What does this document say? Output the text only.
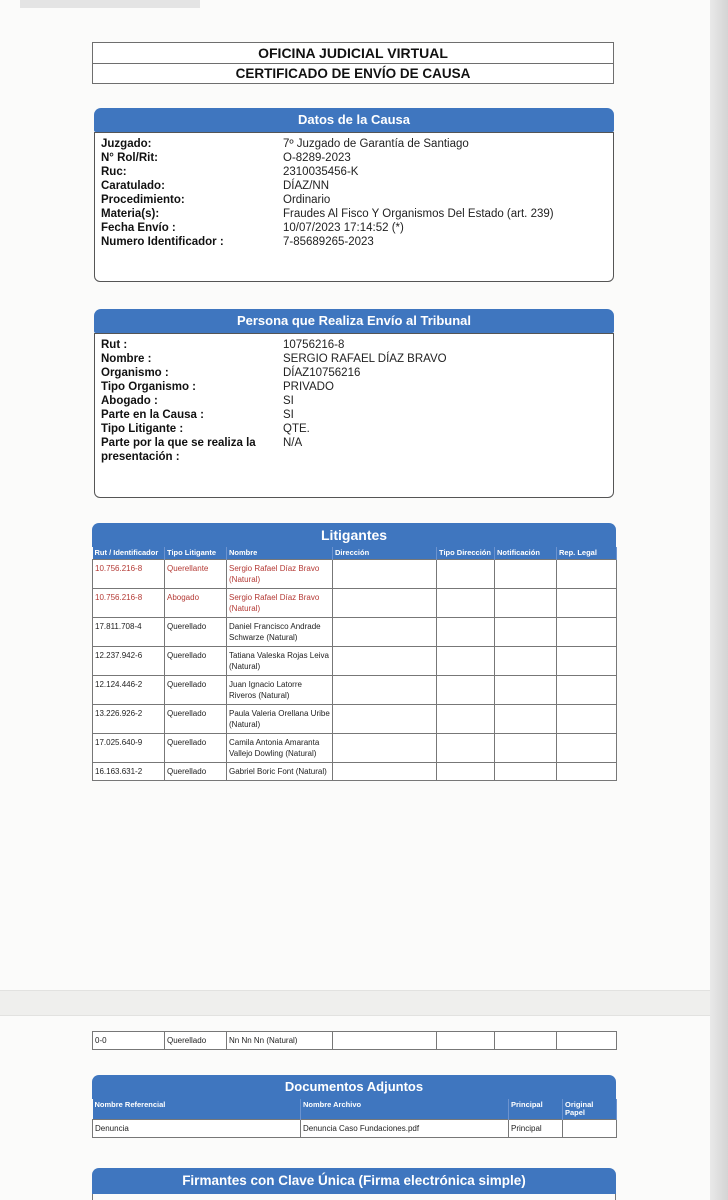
OFICINA JUDICIAL VIRTUAL
CERTIFICADO DE ENVÍO DE CAUSA
Datos de la Causa
Juzgado:	7º Juzgado de Garantía de Santiago
N° Rol/Rit:	O-8289-2023
Ruc:	2310035456-K
Caratulado:	DÍAZ/NN
Procedimiento:	Ordinario
Materia(s):	Fraudes Al Fisco Y Organismos Del Estado (art. 239)
Fecha Envío :	10/07/2023 17:14:52 (*)
Numero Identificador :	7-85689265-2023
Persona que Realiza Envío al Tribunal
Rut :	10756216-8
Nombre :	SERGIO RAFAEL DÍAZ BRAVO
Organismo :	DÍAZ10756216
Tipo Organismo :	PRIVADO
Abogado :	SI
Parte en la Causa :	SI
Tipo Litigante :	QTE.
Parte por la que se realiza la presentación :
N/A
Litigantes
Rut / Identificador	Tipo Litigante	Nombre	Dirección	Tipo Dirección	Notificación	Rep. Legal
10.756.216-8	Querellante	Sergio Rafael Díaz Bravo (Natural)				
10.756.216-8	Abogado	Sergio Rafael Díaz Bravo (Natural)				
17.811.708-4	Querellado	Daniel Francisco Andrade Schwarze (Natural)				
12.237.942-6	Querellado	Tatiana Valeska Rojas Leiva (Natural)				
12.124.446-2	Querellado	Juan Ignacio Latorre Riveros (Natural)				
13.226.926-2	Querellado	Paula Valeria Orellana Uribe (Natural)				
17.025.640-9	Querellado	Camila Antonia Amaranta Vallejo Dowling (Natural)				
16.163.631-2	Querellado	Gabriel Boric Font (Natural)				
0-0	Querellado	Nn Nn Nn (Natural)				
Documentos Adjuntos
Nombre Referencial	Nombre Archivo	Principal	Original Papel
Denuncia	Denuncia Caso Fundaciones.pdf	Principal	
Firmantes con Clave Única (Firma electrónica simple)
